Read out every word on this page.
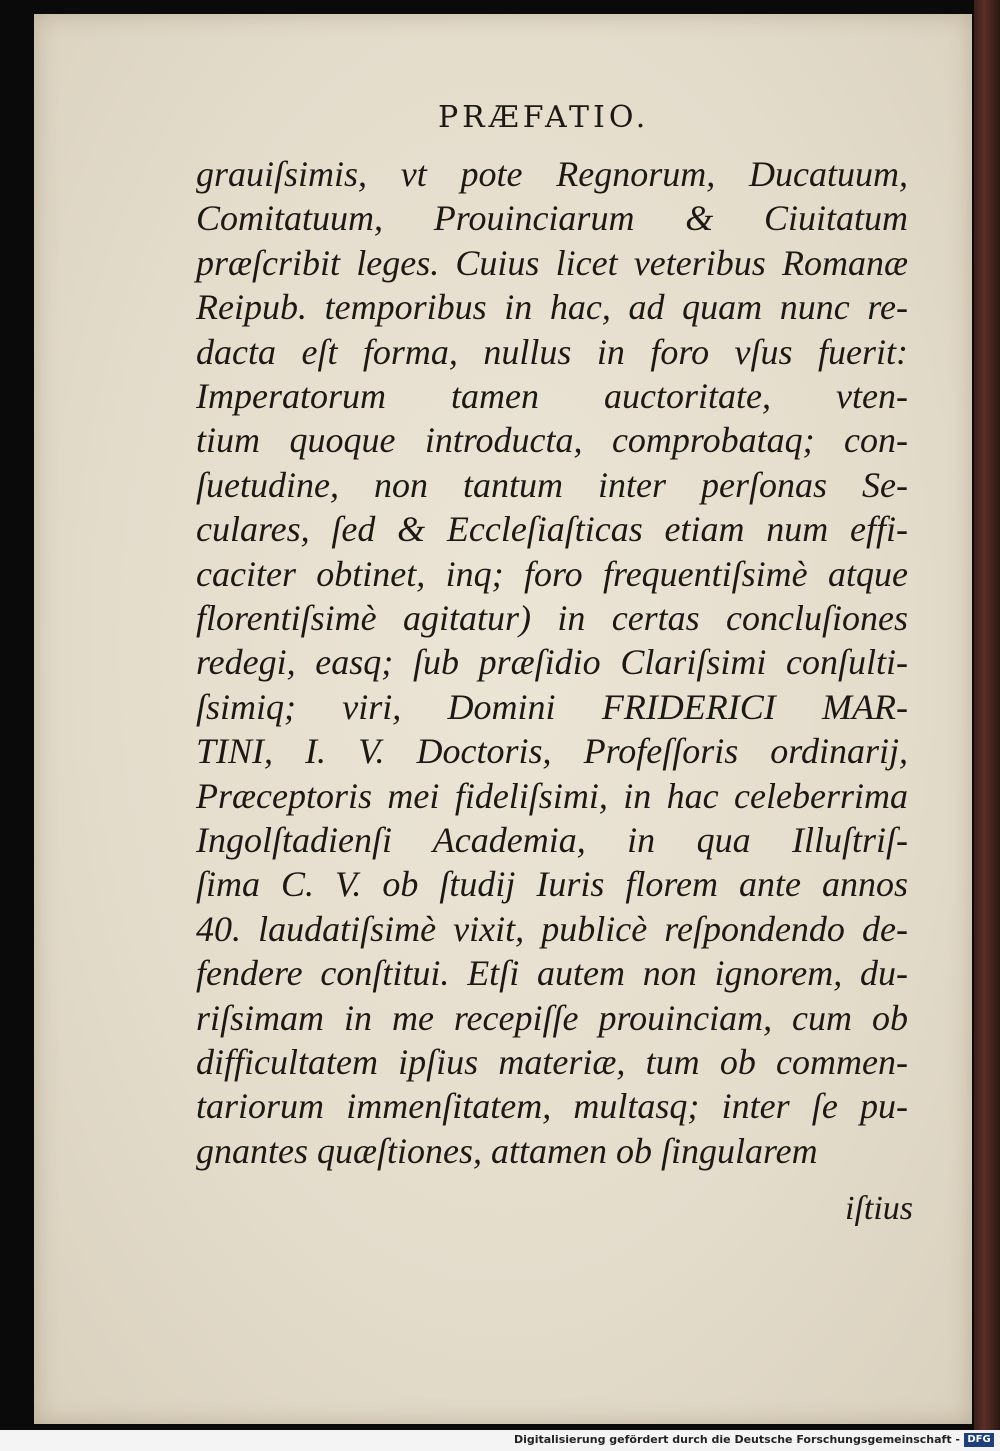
PRÆFATIO.
grauiſsimis, vt pote Regnorum, Ducatuum,
Comitatuum, Prouinciarum & Ciuitatum
præſcribit leges. Cuius licet veteribus Romanæ
Reipub. temporibus in hac, ad quam nunc re-
dacta eſt forma, nullus in foro vſus fuerit:
Imperatorum tamen auctoritate, vten-
tium quoque introducta, comprobataq; con-
ſuetudine, non tantum inter perſonas Se-
culares, ſed & Eccleſiaſticas etiam num effi-
caciter obtinet, inq; foro frequentiſsimè atque
florentiſsimè agitatur) in certas concluſiones
redegi, easq; ſub præſidio Clariſsimi conſulti-
ſsimiq; viri, Domini FRIDERICI MAR-
TINI, I. V. Doctoris, Profeſſoris ordinarij,
Præceptoris mei fideliſsimi, in hac celeberrima
Ingolſtadienſi Academia, in qua Illuſtriſ-
ſima C. V. ob ſtudij Iuris florem ante annos
40. laudatiſsimè vixit, publicè reſpondendo de-
fendere conſtitui. Etſi autem non ignorem, du-
riſsimam in me recepiſſe prouinciam, cum ob
difficultatem ipſius materiæ, tum ob commen-
tariorum immenſitatem, multasq; inter ſe pu-
gnantes quæſtiones, attamen ob ſingularem
iſtius
Digitalisierung gefördert durch die Deutsche Forschungsgemeinschaft - DFG
